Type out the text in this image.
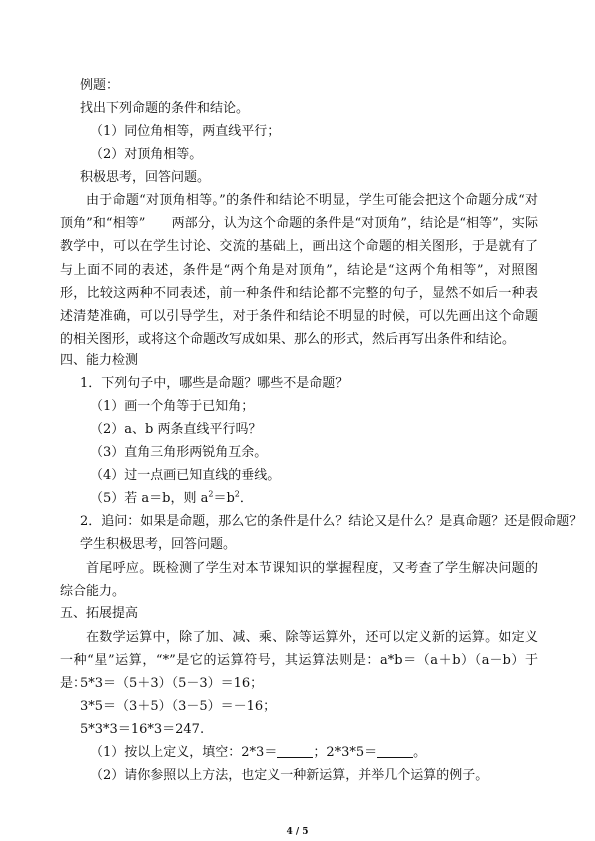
例题：
找出下列命题的条件和结论。
（1）同位角相等，两直线平行；
（2）对顶角相等。
积极思考，回答问题。
由于命题“对顶角相等。”的条件和结论不明显，学生可能会把这个命题分成“对顶角”和“相等”　　两部分，认为这个命题的条件是“对顶角”，结论是“相等”，实际教学中，可以在学生讨论、交流的基础上，画出这个命题的相关图形，于是就有了与上面不同的表述，条件是“两个角是对顶角”，结论是“这两个角相等”，对照图形，比较这两种不同表述，前一种条件和结论都不完整的句子，显然不如后一种表述清楚准确，可以引导学生，对于条件和结论不明显的时候，可以先画出这个命题的相关图形，或将这个命题改写成如果、那么的形式，然后再写出条件和结论。
四、能力检测
1．下列句子中，哪些是命题？哪些不是命题？
（1）画一个角等于已知角；
（2）a、b 两条直线平行吗？
（3）直角三角形两锐角互余。
（4）过一点画已知直线的垂线。
（5）若 a＝b，则 $a^2=b^2$．
2．追问：如果是命题，那么它的条件是什么？结论又是什么？是真命题？还是假命题？
学生积极思考，回答问题。
首尾呼应。既检测了学生对本节课知识的掌握程度，又考查了学生解决问题的综合能力。
五、拓展提高
在数学运算中，除了加、减、乘、除等运算外，还可以定义新的运算。如定义一种“星”运算，“*”是它的运算符号，其运算法则是：a*b＝（a＋b）（a－b）于是：
5*3＝（5＋3）（5－3）＝16；
3*5＝（3＋5）（3－5）＝－16；
5*3*3＝16*3＝247.
（1）按以上定义，填空：2*3＝	；2*3*5＝	。
（2）请你参照以上方法，也定义一种新运算，并举几个运算的例子。
4 / 5
